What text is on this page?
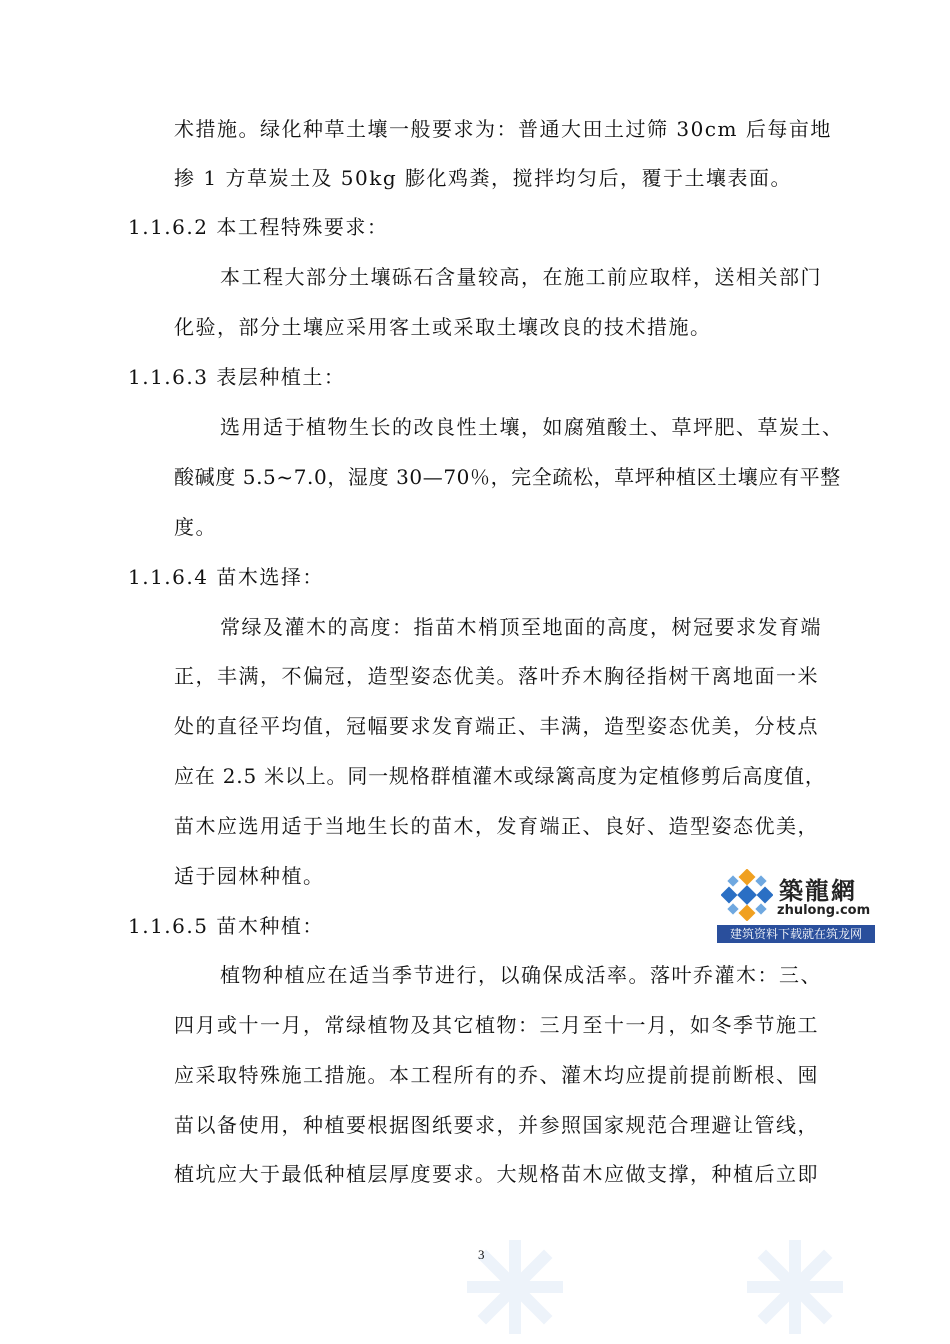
术措施。绿化种草土壤一般要求为：普通大田土过筛 30cm 后每亩地
掺 1 方草炭土及 50kg 膨化鸡粪，搅拌均匀后，覆于土壤表面。
1.1.6.2 本工程特殊要求：
本工程大部分土壤砾石含量较高，在施工前应取样，送相关部门
化验，部分土壤应采用客土或采取土壤改良的技术措施。
1.1.6.3 表层种植土：
选用适于植物生长的改良性土壤，如腐殖酸土、草坪肥、草炭土、
酸碱度 5.5~7.0，湿度 30—70％，完全疏松，草坪种植区土壤应有平整
度。
1.1.6.4 苗木选择：
常绿及灌木的高度：指苗木梢顶至地面的高度，树冠要求发育端
正，丰满，不偏冠，造型姿态优美。落叶乔木胸径指树干离地面一米
处的直径平均值，冠幅要求发育端正、丰满，造型姿态优美，分枝点
应在 2.5 米以上。同一规格群植灌木或绿篱高度为定植修剪后高度值，
苗木应选用适于当地生长的苗木，发育端正、良好、造型姿态优美，
适于园林种植。
1.1.6.5 苗木种植：
植物种植应在适当季节进行，以确保成活率。落叶乔灌木：三、
四月或十一月，常绿植物及其它植物：三月至十一月，如冬季节施工
应采取特殊施工措施。本工程所有的乔、灌木均应提前提前断根、囤
苗以备使用，种植要根据图纸要求，并参照国家规范合理避让管线，
植坑应大于最低种植层厚度要求。大规格苗木应做支撑，种植后立即
築龍網
zhulong.com
建筑资料下载就在筑龙网
3
